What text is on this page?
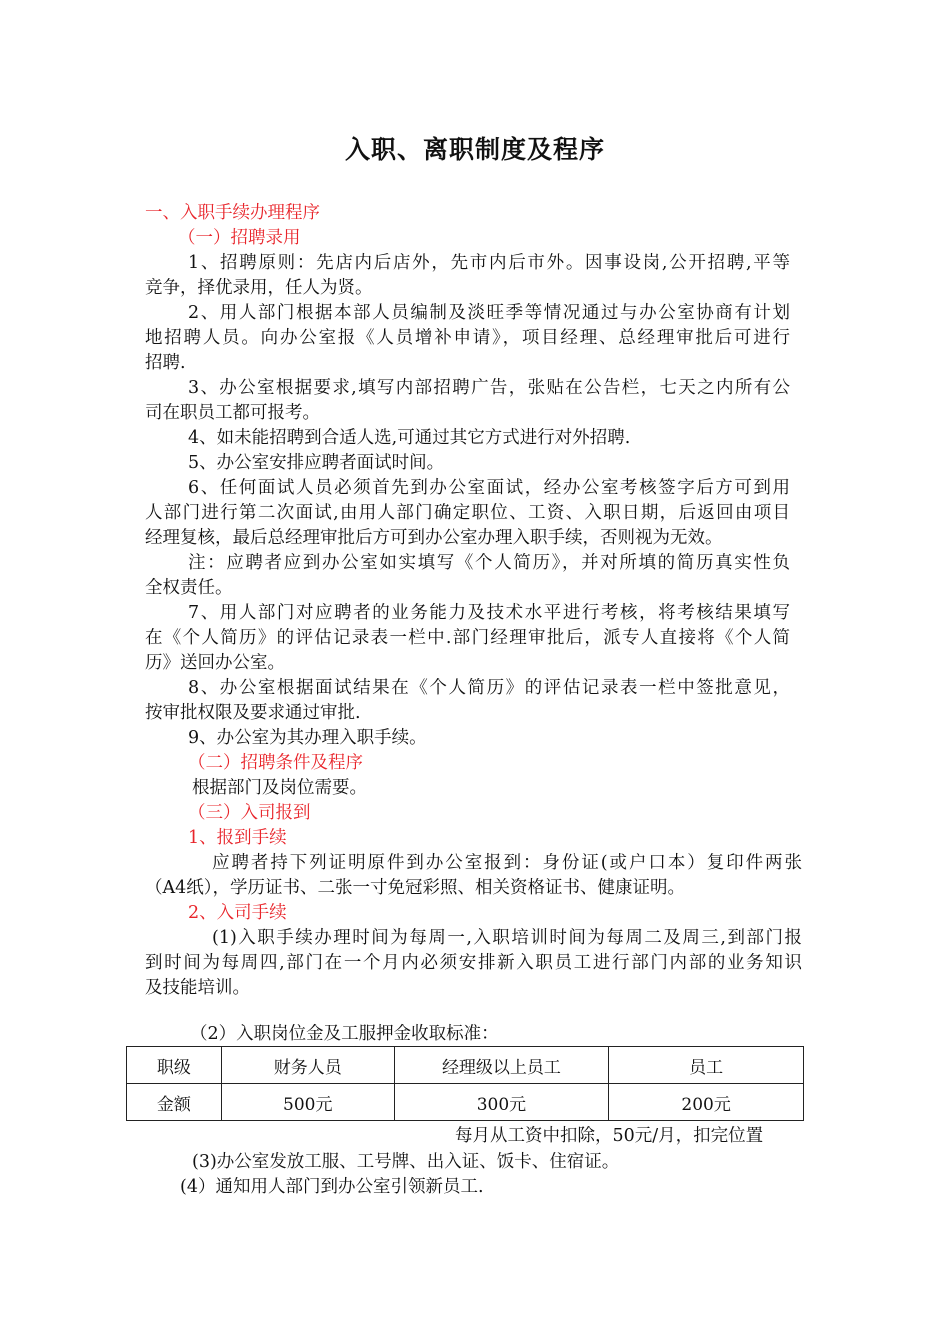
入职、离职制度及程序
一、入职手续办理程序
（一）招聘录用
1、招聘原则：先店内后店外，先市内后市外。因事设岗,公开招聘,平等
竞争，择优录用，任人为贤。
2、用人部门根据本部人员编制及淡旺季等情况通过与办公室协商有计划
地招聘人员。向办公室报《人员增补申请》，项目经理、总经理审批后可进行
招聘.
3、办公室根据要求,填写内部招聘广告，张贴在公告栏，七天之内所有公
司在职员工都可报考。
4、如未能招聘到合适人选,可通过其它方式进行对外招聘.
5、办公室安排应聘者面试时间。
6、任何面试人员必须首先到办公室面试，经办公室考核签字后方可到用
人部门进行第二次面试,由用人部门确定职位、工资、入职日期，后返回由项目
经理复核，最后总经理审批后方可到办公室办理入职手续，否则视为无效。
注：应聘者应到办公室如实填写《个人简历》，并对所填的简历真实性负
全权责任。
7、用人部门对应聘者的业务能力及技术水平进行考核，将考核结果填写
在《个人简历》的评估记录表一栏中.部门经理审批后，派专人直接将《个人简
历》送回办公室。
8、办公室根据面试结果在《个人简历》的评估记录表一栏中签批意见，
按审批权限及要求通过审批.
9、办公室为其办理入职手续。
（二）招聘条件及程序
根据部门及岗位需要。
（三）入司报到
1、报到手续
应聘者持下列证明原件到办公室报到：身份证(或户口本）复印件两张
（A4纸），学历证书、二张一寸免冠彩照、相关资格证书、健康证明。
2、入司手续
(1)入职手续办理时间为每周一,入职培训时间为每周二及周三,到部门报
到时间为每周四,部门在一个月内必须安排新入职员工进行部门内部的业务知识
及技能培训。
（2）入职岗位金及工服押金收取标准：
职级	财务人员	经理级以上员工	员工
金额	500元	300元	200元
每月从工资中扣除，50元/月，扣完位置
(3)办公室发放工服、工号牌、出入证、饭卡、住宿证。
(4）通知用人部门到办公室引领新员工.
